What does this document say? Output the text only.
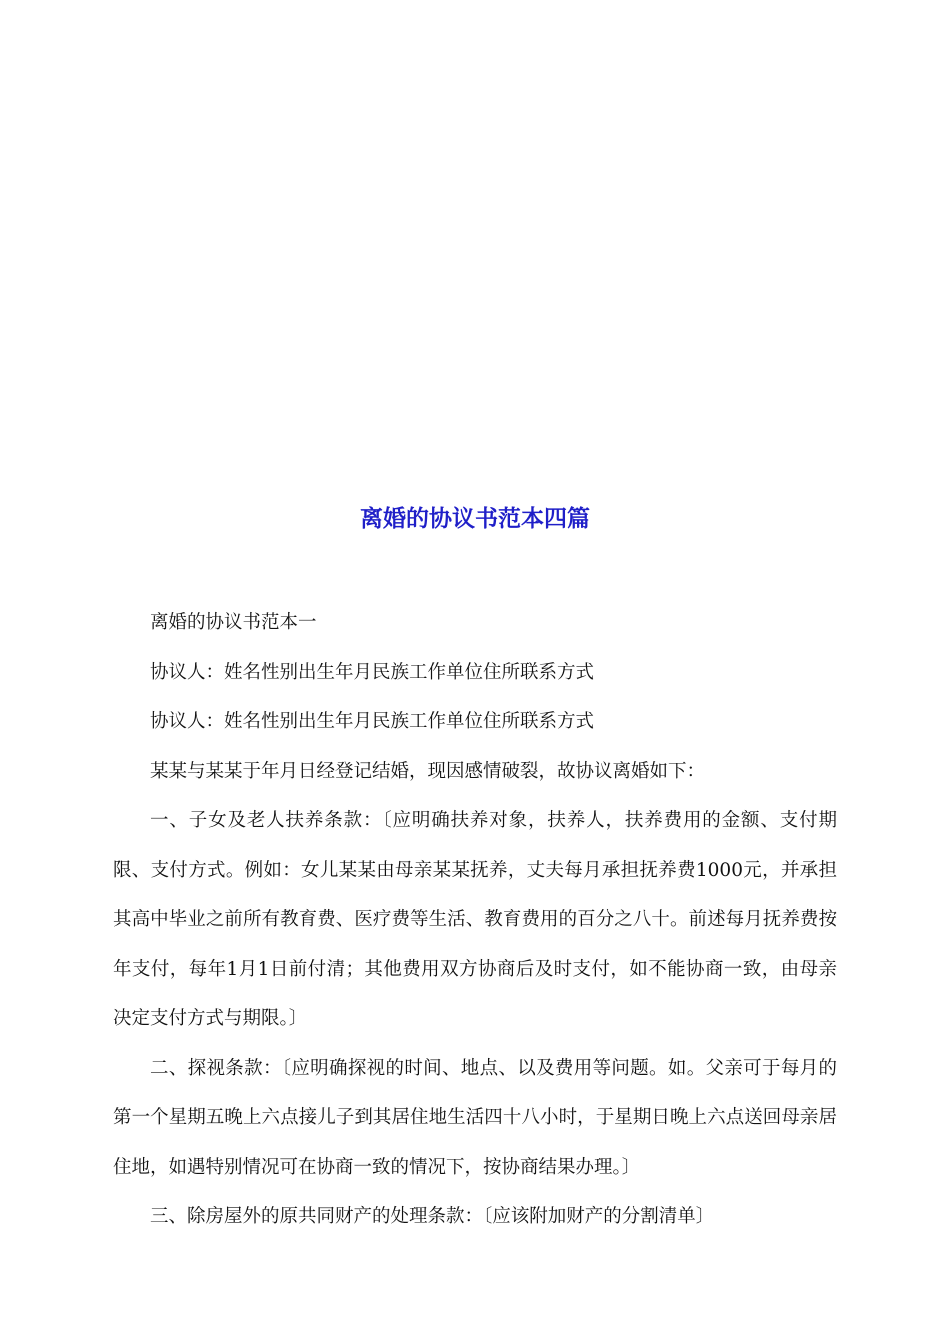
离婚的协议书范本四篇

离婚的协议书范本一

协议人：姓名性别出生年月民族工作单位住所联系方式

协议人：姓名性别出生年月民族工作单位住所联系方式

某某与某某于年月日经登记结婚，现因感情破裂，故协议离婚如下：

一、子女及老人扶养条款：〔应明确扶养对象，扶养人，扶养费用的金额、支付期限、支付方式。例如：女儿某某由母亲某某抚养，丈夫每月承担抚养费1000元，并承担其高中毕业之前所有教育费、医疗费等生活、教育费用的百分之八十。前述每月抚养费按年支付，每年1月1日前付清；其他费用双方协商后及时支付，如不能协商一致，由母亲决定支付方式与期限。〕

二、探视条款：〔应明确探视的时间、地点、以及费用等问题。如。父亲可于每月的第一个星期五晚上六点接儿子到其居住地生活四十八小时，于星期日晚上六点送回母亲居住地，如遇特别情况可在协商一致的情况下，按协商结果办理。〕

三、除房屋外的原共同财产的处理条款：〔应该附加财产的分割清单〕
